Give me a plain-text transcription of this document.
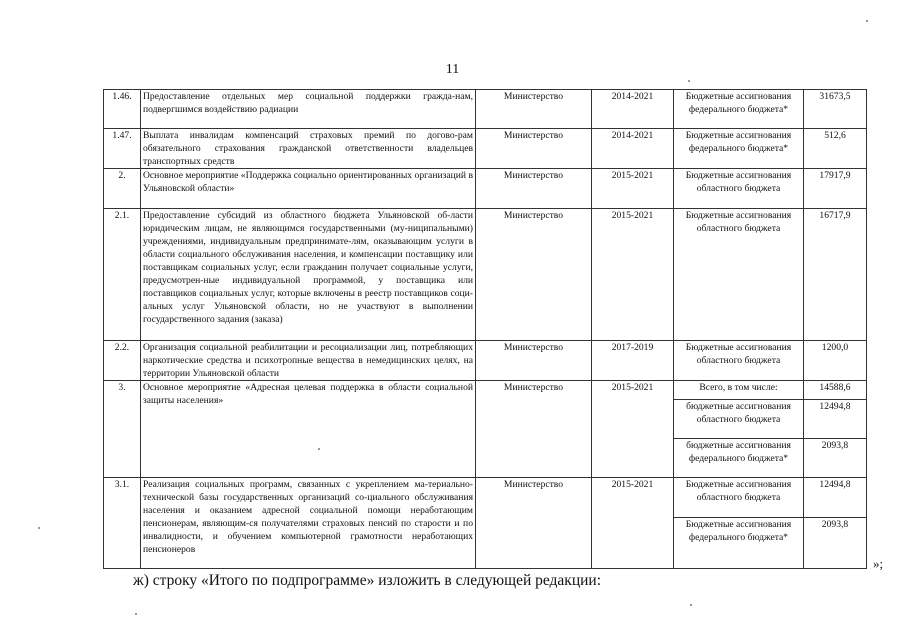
11
1.46.	Предоставление отдельных мер социальной поддержки граждa-нам, подвергшимся воздействию радиации	Министерство	2014-2021	Бюджетные ассигнования федерального бюджета*	31673,5
1.47.	Выплата инвалидам компенсаций страховых премий по догово-рам обязательного страхования гражданской ответственности владельцев транспортных средств	Министерство	2014-2021	Бюджетные ассигнования федерального бюджета*	512,6
2.	Основное мероприятие «Поддержка социально ориентированных организаций в Ульяновской области»	Министерство	2015-2021	Бюджетные ассигнования областного бюджета	17917,9
2.1.	Предоставление субсидий из областного бюджета Ульяновской об-ласти юридическим лицам, не являющимся государственными (му-ниципальными) учреждениями, индивидуальным предпринимате-лям, оказывающим услуги в области социального обслуживания населения, и компенсации поставщику или поставщикам социальных услуг, если гражданин получает социальные услуги, предусмотрен-ные индивидуальной программой, у поставщика или поставщиков социальных услуг, которые включены в реестр поставщиков соци-альных услуг Ульяновской области, но не участвуют в выполнении государственного задания (заказа)	Министерство	2015-2021	Бюджетные ассигнования областного бюджета	16717,9
2.2.	Организация социальной реабилитации и ресоциализации лиц, потребляющих наркотические средства и психотропные вещества в немедицинских целях, на территории Ульяновской области	Министерство	2017-2019	Бюджетные ассигнования областного бюджета	1200,0
3.	Основное мероприятие «Адресная целевая поддержка в области социальной защиты населения»	Министерство	2015-2021	Всего, в том числе:	14588,6
				бюджетные ассигнования областного бюджета	12494,8
				бюджетные ассигнования федерального бюджета*	2093,8
3.1.	Реализация социальных программ, связанных с укреплением ма-териально-технической базы государственных организаций со-циального обслуживания населения и оказанием адресной социальной помощи неработающим пенсионерам, являющим-ся получателями страховых пенсий по старости и по инвалидности, и обучением компьютерной грамотности неработающих пенсионеров	Министерство	2015-2021	Бюджетные ассигнования областного бюджета	12494,8
				Бюджетные ассигнования федерального бюджета*	2093,8
»;
ж) строку «Итого по подпрограмме» изложить в следующей редакции:
